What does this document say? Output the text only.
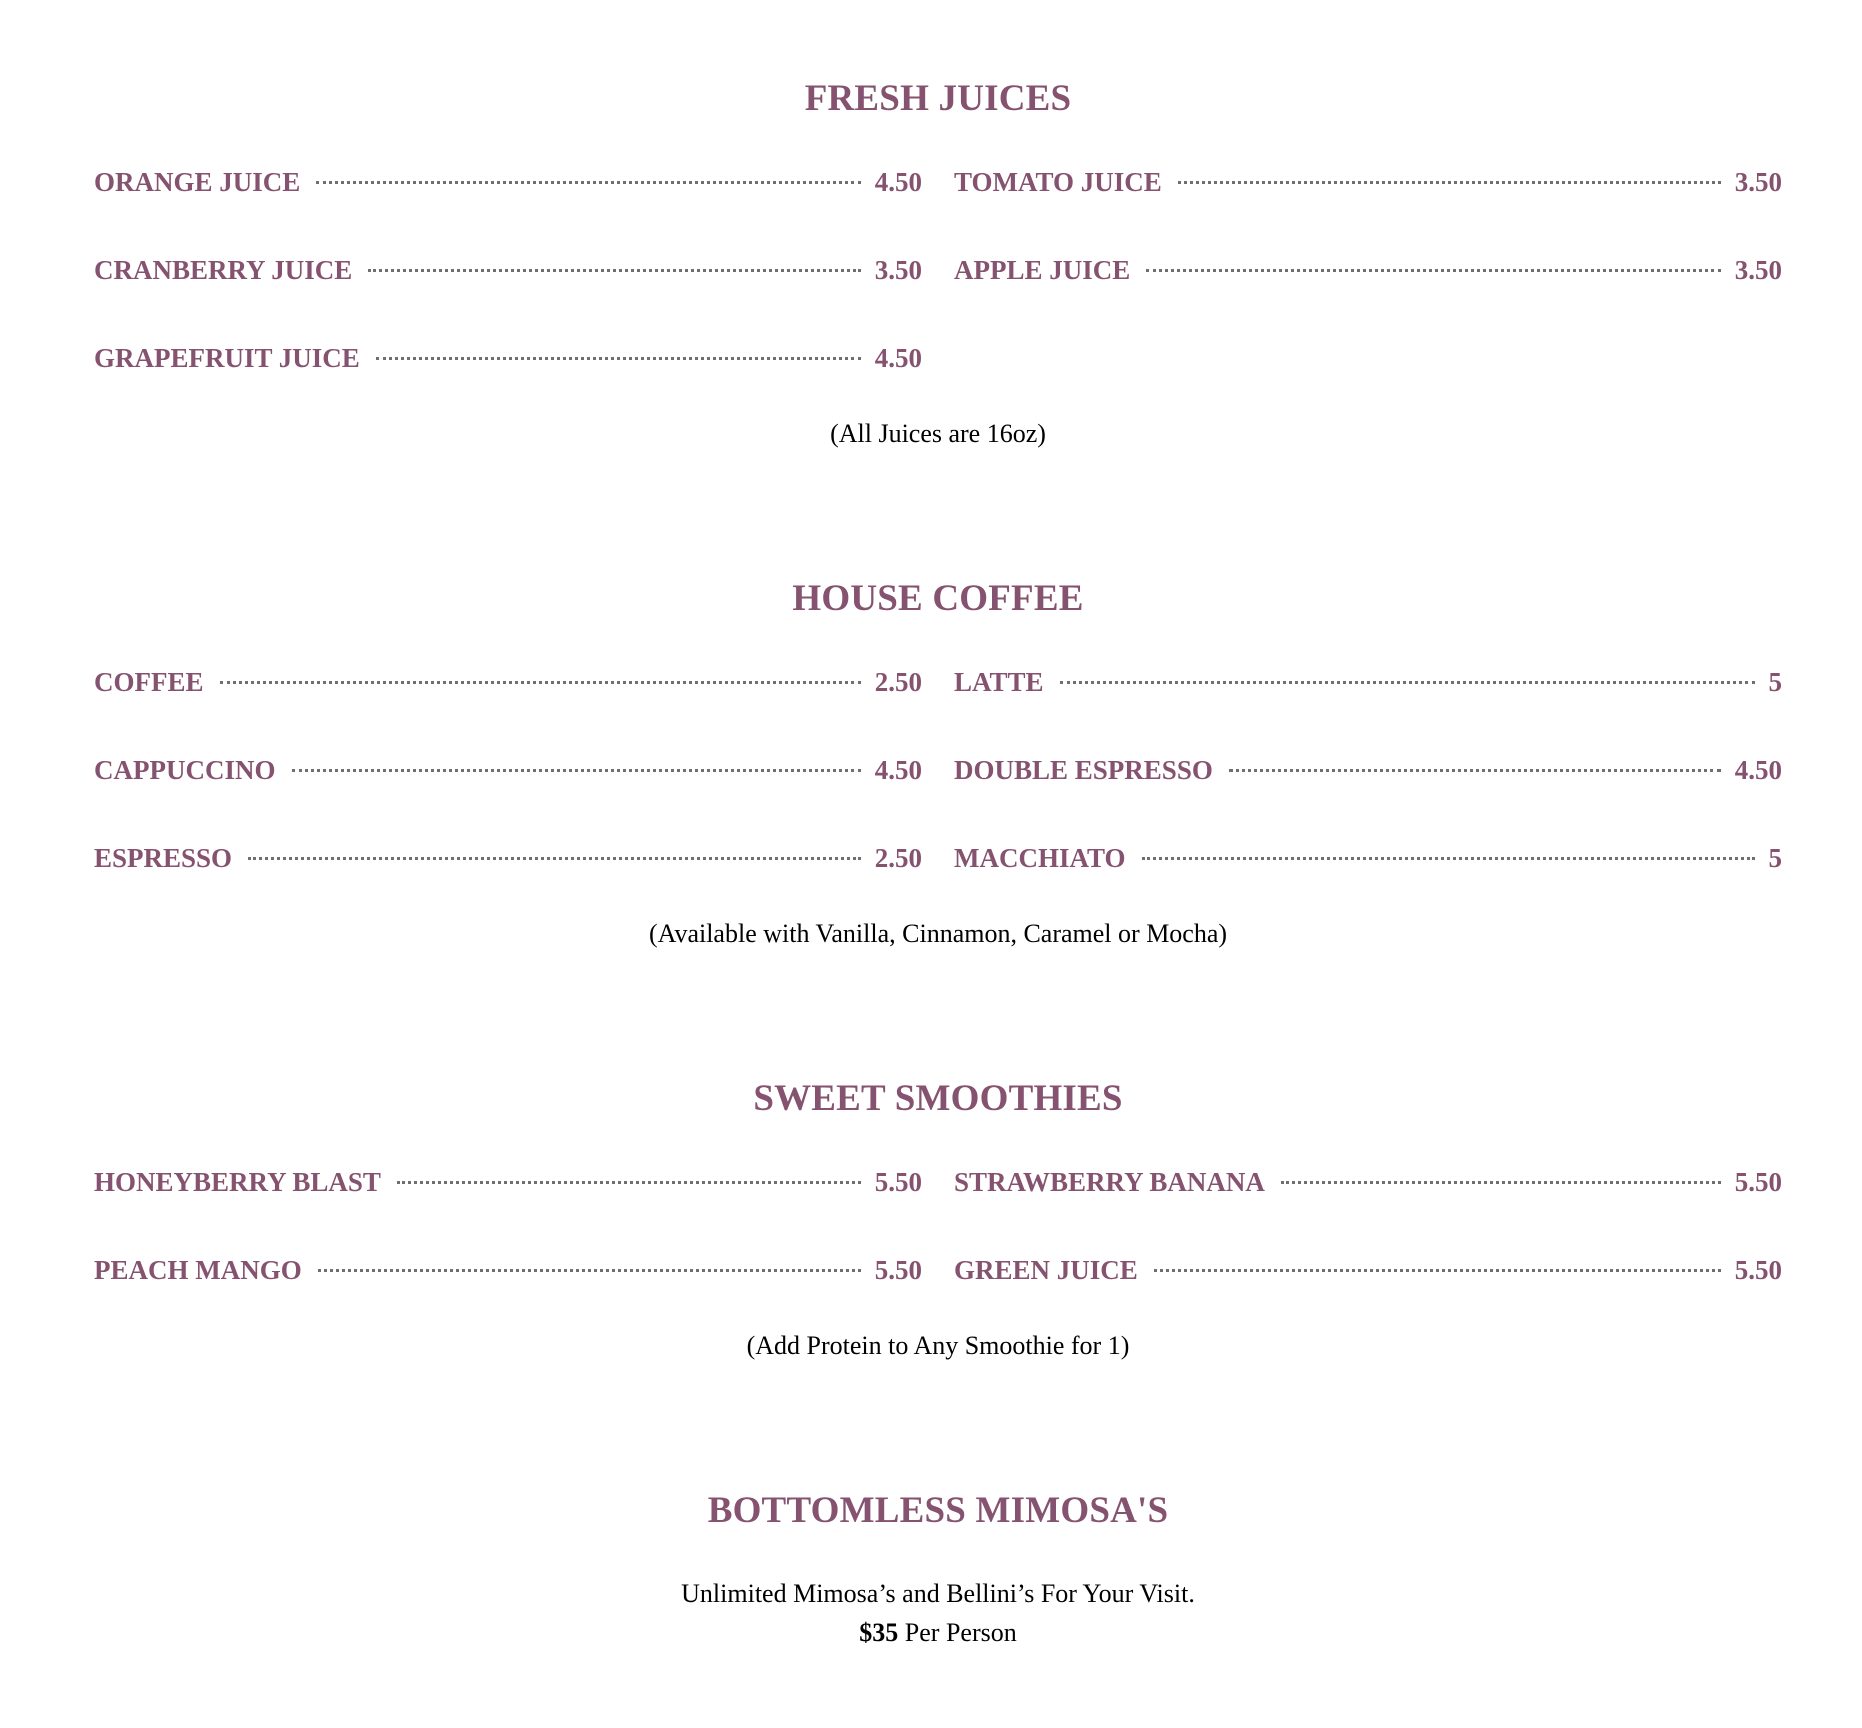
FRESH JUICES
ORANGE JUICE	4.50
CRANBERRY JUICE	3.50
GRAPEFRUIT JUICE	4.50
TOMATO JUICE	3.50
APPLE JUICE	3.50
(All Juices are 16oz)
HOUSE COFFEE
COFFEE	2.50
CAPPUCCINO	4.50
ESPRESSO	2.50
LATTE	5
DOUBLE ESPRESSO	4.50
MACCHIATO	5
(Available with Vanilla, Cinnamon, Caramel or Mocha)
SWEET SMOOTHIES
HONEYBERRY BLAST	5.50
PEACH MANGO	5.50
STRAWBERRY BANANA	5.50
GREEN JUICE	5.50
(Add Protein to Any Smoothie for 1)
BOTTOMLESS MIMOSA'S
Unlimited Mimosa’s and Bellini’s For Your Visit.
$35 Per Person
